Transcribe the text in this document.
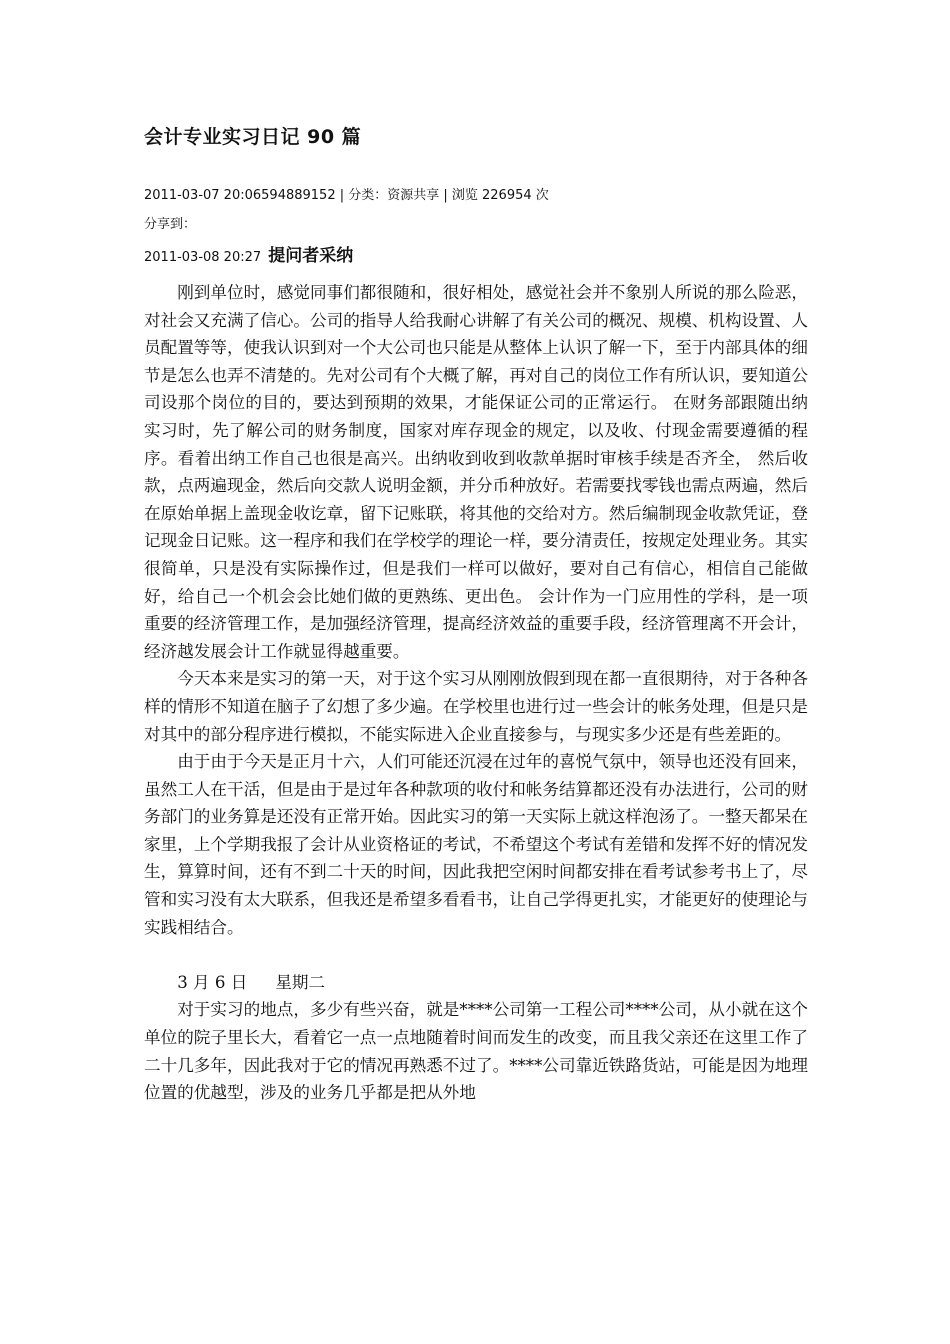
会计专业实习日记 90 篇
2011-03-07 20:06594889152 | 分类：资源共享 | 浏览 226954 次
分享到：
2011-03-08 20:27 提问者采纳

刚到单位时，感觉同事们都很随和，很好相处，感觉社会并不象别人所说的那么险恶，对社会又充满了信心。公司的指导人给我耐心讲解了有关公司的概况、规模、机构设置、人员配置等等，使我认识到对一个大公司也只能是从整体上认识了解一下，至于内部具体的细节是怎么也弄不清楚的。先对公司有个大概了解，再对自己的岗位工作有所认识，要知道公司设那个岗位的目的，要达到预期的效果，才能保证公司的正常运行。 在财务部跟随出纳实习时，先了解公司的财务制度，国家对库存现金的规定，以及收、付现金需要遵循的程序。看着出纳工作自己也很是高兴。出纳收到收到收款单据时审核手续是否齐全， 然后收款，点两遍现金，然后向交款人说明金额，并分币种放好。若需要找零钱也需点两遍，然后在原始单据上盖现金收讫章，留下记账联，将其他的交给对方。然后编制现金收款凭证，登记现金日记账。这一程序和我们在学校学的理论一样，要分清责任，按规定处理业务。其实很简单，只是没有实际操作过，但是我们一样可以做好，要对自己有信心，相信自己能做好，给自己一个机会会比她们做的更熟练、更出色。 会计作为一门应用性的学科，是一项重要的经济管理工作，是加强经济管理，提高经济效益的重要手段，经济管理离不开会计，经济越发展会计工作就显得越重要。

今天本来是实习的第一天，对于这个实习从刚刚放假到现在都一直很期待，对于各种各样的情形不知道在脑子了幻想了多少遍。在学校里也进行过一些会计的帐务处理，但是只是对其中的部分程序进行模拟，不能实际进入企业直接参与，与现实多少还是有些差距的。

由于由于今天是正月十六，人们可能还沉浸在过年的喜悦气氛中，领导也还没有回来，虽然工人在干活，但是由于是过年各种款项的收付和帐务结算都还没有办法进行，公司的财务部门的业务算是还没有正常开始。因此实习的第一天实际上就这样泡汤了。一整天都呆在家里，上个学期我报了会计从业资格证的考试，不希望这个考试有差错和发挥不好的情况发生，算算时间，还有不到二十天的时间，因此我把空闲时间都安排在看考试参考书上了，尽管和实习没有太大联系，但我还是希望多看看书，让自己学得更扎实，才能更好的使理论与实践相结合。

3 月 6 日 星期二

对于实习的地点，多少有些兴奋，就是****公司第一工程公司****公司，从小就在这个单位的院子里长大，看着它一点一点地随着时间而发生的改变，而且我父亲还在这里工作了二十几多年，因此我对于它的情况再熟悉不过了。****公司靠近铁路货站，可能是因为地理位置的优越型，涉及的业务几乎都是把从外地
